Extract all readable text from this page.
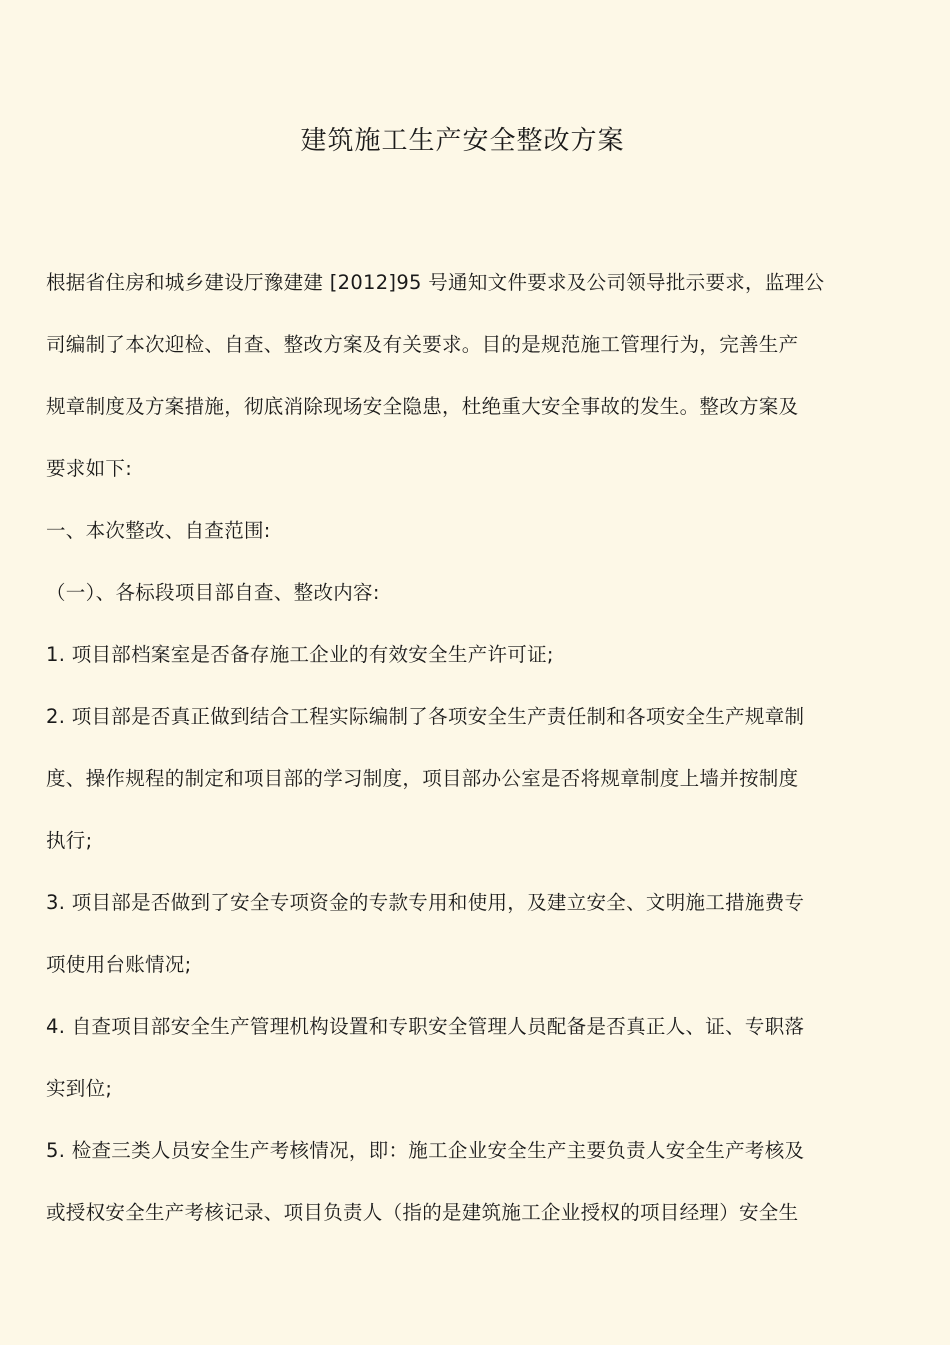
建筑施工生产安全整改方案
根据省住房和城乡建设厅豫建建 [2012]95 号通知文件要求及公司领导批示要求，监理公
司编制了本次迎检、自查、整改方案及有关要求。目的是规范施工管理行为，完善生产
规章制度及方案措施，彻底消除现场安全隐患，杜绝重大安全事故的发生。整改方案及
要求如下:
一、本次整改、自查范围:
（一）、各标段项目部自查、整改内容:
1. 项目部档案室是否备存施工企业的有效安全生产许可证;
2. 项目部是否真正做到结合工程实际编制了各项安全生产责任制和各项安全生产规章制
度、操作规程的制定和项目部的学习制度，项目部办公室是否将规章制度上墙并按制度
执行;
3. 项目部是否做到了安全专项资金的专款专用和使用，及建立安全、文明施工措施费专
项使用台账情况;
4. 自查项目部安全生产管理机构设置和专职安全管理人员配备是否真正人、证、专职落
实到位;
5. 检查三类人员安全生产考核情况，即：施工企业安全生产主要负责人安全生产考核及
或授权安全生产考核记录、项目负责人（指的是建筑施工企业授权的项目经理）安全生
